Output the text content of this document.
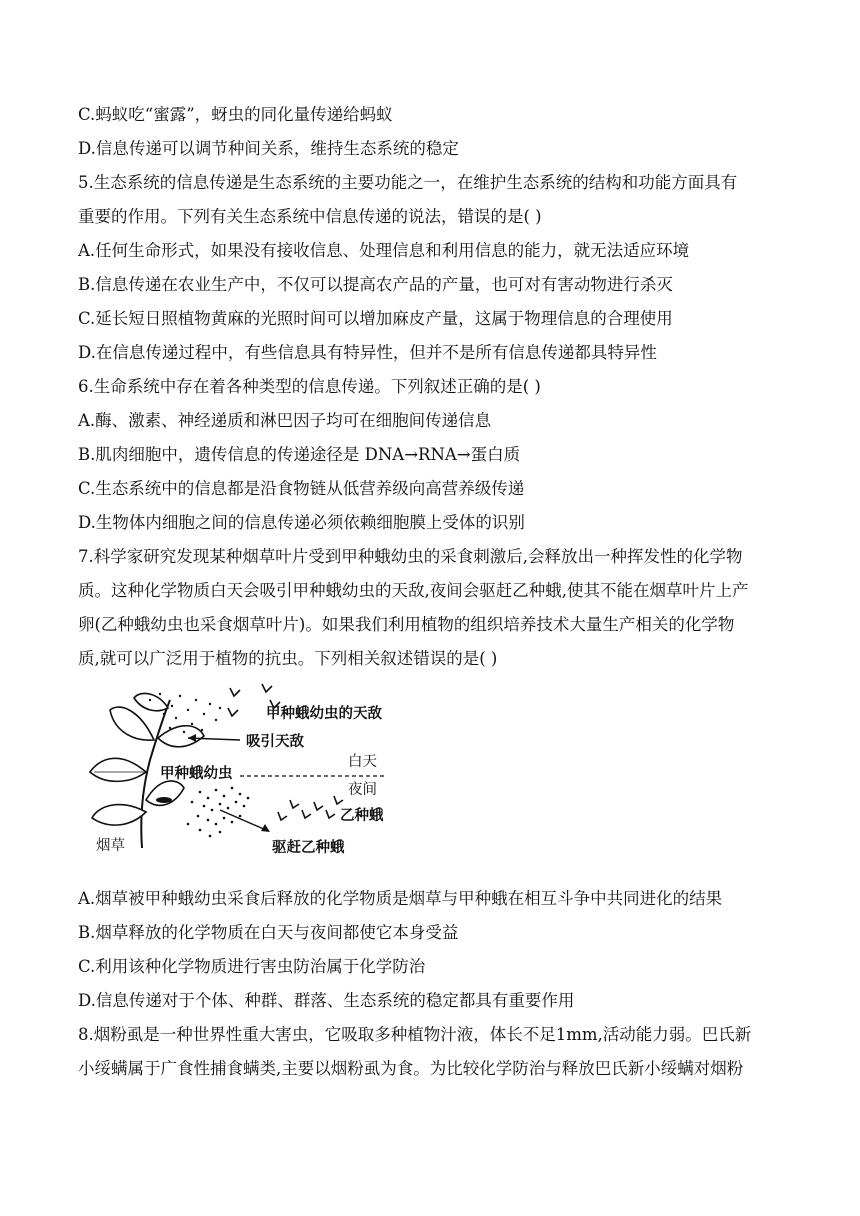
C.蚂蚁吃“蜜露”，蚜虫的同化量传递给蚂蚁
D.信息传递可以调节种间关系，维持生态系统的稳定
5.生态系统的信息传递是生态系统的主要功能之一，在维护生态系统的结构和功能方面具有
重要的作用。下列有关生态系统中信息传递的说法，错误的是( )
A.任何生命形式，如果没有接收信息、处理信息和利用信息的能力，就无法适应环境
B.信息传递在农业生产中，不仅可以提高农产品的产量，也可对有害动物进行杀灭
C.延长短日照植物黄麻的光照时间可以增加麻皮产量，这属于物理信息的合理使用
D.在信息传递过程中，有些信息具有特异性，但并不是所有信息传递都具特异性
6.生命系统中存在着各种类型的信息传递。下列叙述正确的是( )
A.酶、激素、神经递质和淋巴因子均可在细胞间传递信息
B.肌肉细胞中，遗传信息的传递途径是 DNA→RNA→蛋白质
C.生态系统中的信息都是沿食物链从低营养级向高营养级传递
D.生物体内细胞之间的信息传递必须依赖细胞膜上受体的识别
7.科学家研究发现某种烟草叶片受到甲种蛾幼虫的采食刺激后,会释放出一种挥发性的化学物
质。这种化学物质白天会吸引甲种蛾幼虫的天敌,夜间会驱赶乙种蛾,使其不能在烟草叶片上产
卵(乙种蛾幼虫也采食烟草叶片)。如果我们利用植物的组织培养技术大量生产相关的化学物
质,就可以广泛用于植物的抗虫。下列相关叙述错误的是( )
甲种蛾幼虫的天敌
吸引天敌
甲种蛾幼虫
白天
夜间
乙种蛾
烟草	驱赶乙种蛾
A.烟草被甲种蛾幼虫采食后释放的化学物质是烟草与甲种蛾在相互斗争中共同进化的结果
B.烟草释放的化学物质在白天与夜间都使它本身受益
C.利用该种化学物质进行害虫防治属于化学防治
D.信息传递对于个体、种群、群落、生态系统的稳定都具有重要作用
8.烟粉虱是一种世界性重大害虫，它吸取多种植物汁液，体长不足1mm,活动能力弱。巴氏新
小绥螨属于广食性捕食螨类,主要以烟粉虱为食。为比较化学防治与释放巴氏新小绥螨对烟粉
